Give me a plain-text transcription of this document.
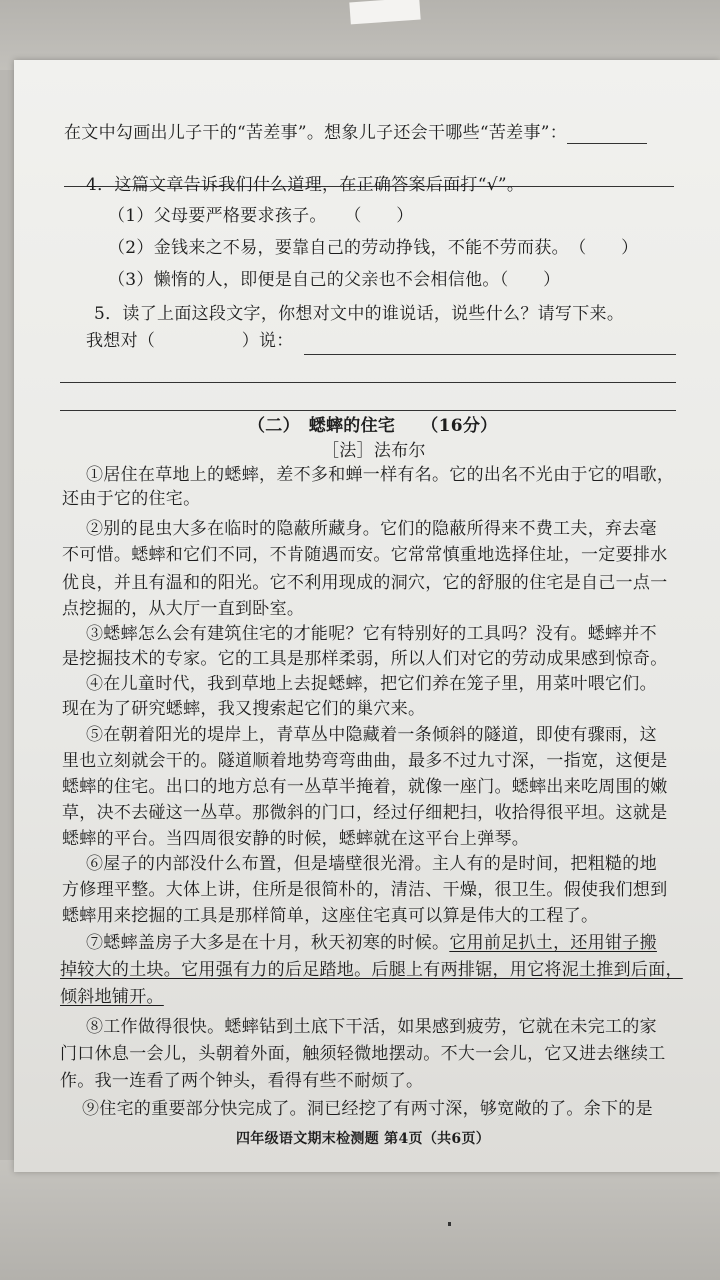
在文中勾画出儿子干的“苦差事”。想象儿子还会干哪些“苦差事”：
4．这篇文章告诉我们什么道理，在正确答案后面打“√”。
（1）父母要严格要求孩子。　　（　　）
（2）金钱来之不易，要靠自己的劳动挣钱，不能不劳而获。　（　　）
（3）懒惰的人，即便是自己的父亲也不会相信他。（　　）
5．读了上面这段文字，你想对文中的谁说话，说些什么？请写下来。
我想对（　　　　　）说：
（二）　蟋蟀的住宅　　（16分）
［法］法布尔
①居住在草地上的蟋蟀，差不多和蝉一样有名。它的出名不光由于它的唱歌，
还由于它的住宅。
②别的昆虫大多在临时的隐蔽所藏身。它们的隐蔽所得来不费工夫，弃去毫
不可惜。蟋蟀和它们不同，不肯随遇而安。它常常慎重地选择住址，一定要排水
优良，并且有温和的阳光。它不利用现成的洞穴，它的舒服的住宅是自己一点一
点挖掘的，从大厅一直到卧室。
③蟋蟀怎么会有建筑住宅的才能呢？它有特别好的工具吗？没有。蟋蟀并不
是挖掘技术的专家。它的工具是那样柔弱，所以人们对它的劳动成果感到惊奇。
④在儿童时代，我到草地上去捉蟋蟀，把它们养在笼子里，用菜叶喂它们。
现在为了研究蟋蟀，我又搜索起它们的巢穴来。
⑤在朝着阳光的堤岸上，青草丛中隐藏着一条倾斜的隧道，即使有骤雨，这
里也立刻就会干的。隧道顺着地势弯弯曲曲，最多不过九寸深，一指宽，这便是
蟋蟀的住宅。出口的地方总有一丛草半掩着，就像一座门。蟋蟀出来吃周围的嫩
草，决不去碰这一丛草。那微斜的门口，经过仔细耙扫，收拾得很平坦。这就是
蟋蟀的平台。当四周很安静的时候，蟋蟀就在这平台上弹琴。
⑥屋子的内部没什么布置，但是墙壁很光滑。主人有的是时间，把粗糙的地
方修理平整。大体上讲，住所是很简朴的，清洁、干燥，很卫生。假使我们想到
蟋蟀用来挖掘的工具是那样简单，这座住宅真可以算是伟大的工程了。
⑦蟋蟀盖房子大多是在十月，秋天初寒的时候。它用前足扒土，还用钳子搬
掉较大的土块。它用强有力的后足踏地。后腿上有两排锯，用它将泥土推到后面，
倾斜地铺开。
⑧工作做得很快。蟋蟀钻到土底下干活，如果感到疲劳，它就在未完工的家
门口休息一会儿，头朝着外面，触须轻微地摆动。不大一会儿，它又进去继续工
作。我一连看了两个钟头，看得有些不耐烦了。
⑨住宅的重要部分快完成了。洞已经挖了有两寸深，够宽敞的了。余下的是
四年级语文期末检测题 第4页（共6页）
